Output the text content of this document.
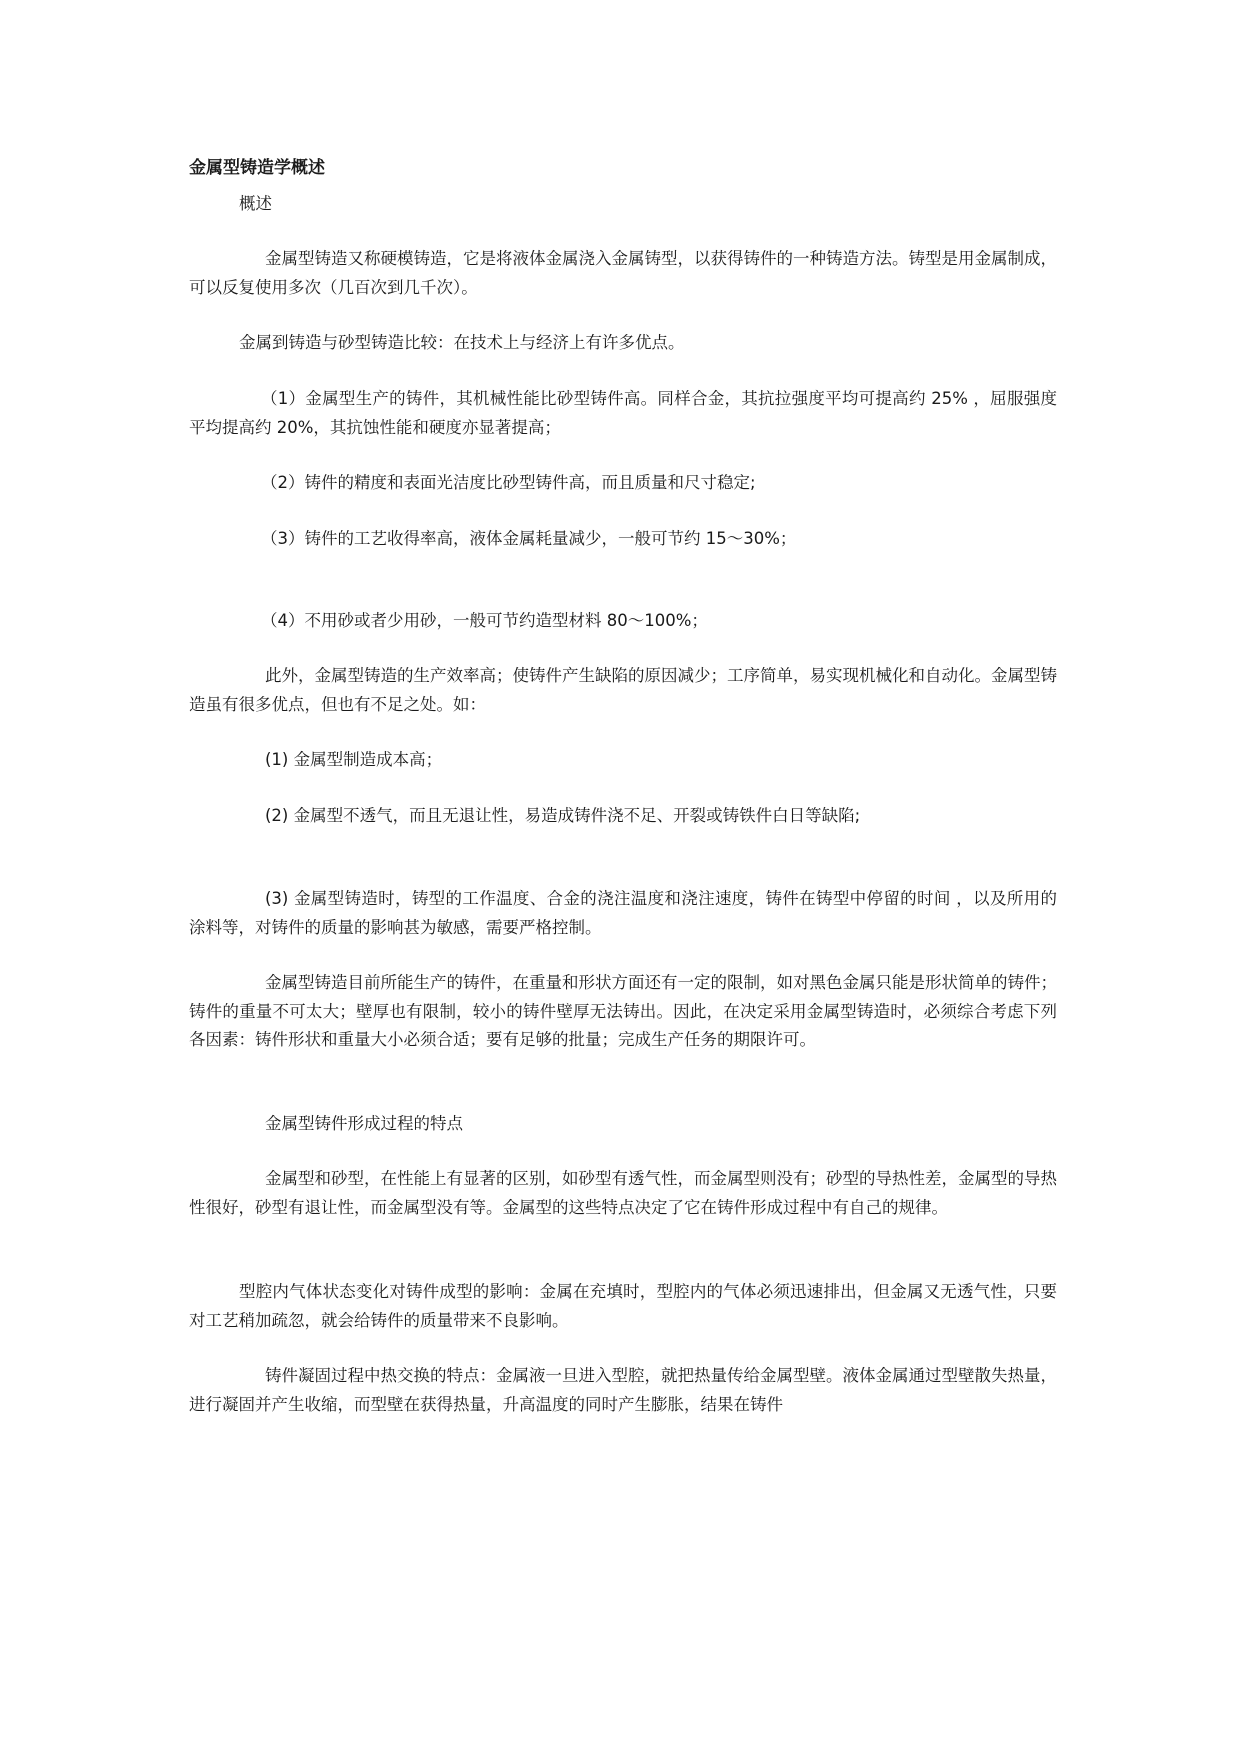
金属型铸造学概述

概述

金属型铸造又称硬模铸造，它是将液体金属浇入金属铸型，以获得铸件的一种铸造方法。铸型是用金属制成，可以反复使用多次（几百次到几千次）。

金属到铸造与砂型铸造比较：在技术上与经济上有许多优点。

（1）金属型生产的铸件，其机械性能比砂型铸件高。同样合金，其抗拉强度平均可提高约 25% ，屈服强度平均提高约 20%，其抗蚀性能和硬度亦显著提高；

（2）铸件的精度和表面光洁度比砂型铸件高，而且质量和尺寸稳定;

（3）铸件的工艺收得率高，液体金属耗量减少，一般可节约 15～30%；

（4）不用砂或者少用砂，一般可节约造型材料 80～100%；

此外，金属型铸造的生产效率高；使铸件产生缺陷的原因减少；工序简单，易实现机械化和自动化。金属型铸造虽有很多优点，但也有不足之处。如：

(1) 金属型制造成本高；

(2) 金属型不透气，而且无退让性，易造成铸件浇不足、开裂或铸铁件白日等缺陷;

(3) 金属型铸造时，铸型的工作温度、合金的浇注温度和浇注速度，铸件在铸型中停留的时间 ，以及所用的涂料等，对铸件的质量的影响甚为敏感，需要严格控制。

金属型铸造目前所能生产的铸件，在重量和形状方面还有一定的限制，如对黑色金属只能是形状简单的铸件；铸件的重量不可太大；壁厚也有限制，较小的铸件壁厚无法铸出。因此，在决定采用金属型铸造时，必须综合考虑下列各因素：铸件形状和重量大小必须合适；要有足够的批量；完成生产任务的期限许可。

金属型铸件形成过程的特点

金属型和砂型，在性能上有显著的区别，如砂型有透气性，而金属型则没有；砂型的导热性差，金属型的导热性很好，砂型有退让性，而金属型没有等。金属型的这些特点决定了它在铸件形成过程中有自己的规律。

型腔内气体状态变化对铸件成型的影响：金属在充填时，型腔内的气体必须迅速排出，但金属又无透气性，只要对工艺稍加疏忽，就会给铸件的质量带来不良影响。

铸件凝固过程中热交换的特点：金属液一旦进入型腔，就把热量传给金属型壁。液体金属通过型壁散失热量，进行凝固并产生收缩，而型壁在获得热量，升高温度的同时产生膨胀，结果在铸件
